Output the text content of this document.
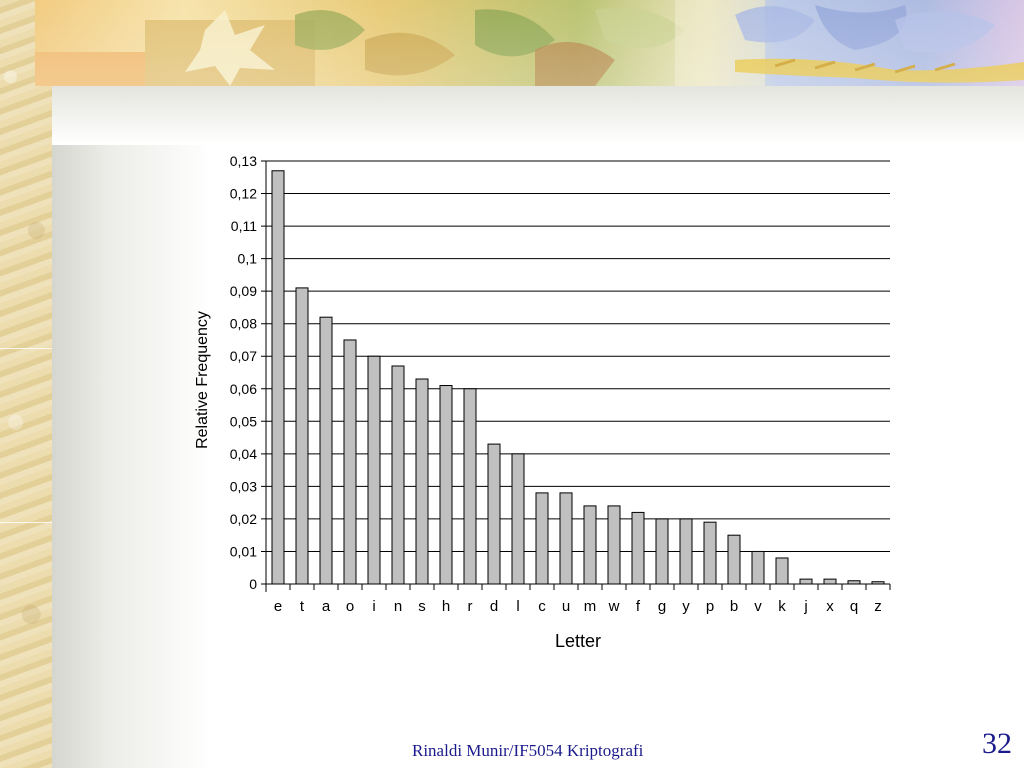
0
0,01
0,02
0,03
0,04
0,05
0,06
0,07
0,08
0,09
0,1
0,11
0,12
0,13
e t a o i n s h r d l c u m w f g y p b v k j x q z
Letter
Relative Frequency
Rinaldi Munir/IF5054 Kriptografi	32
